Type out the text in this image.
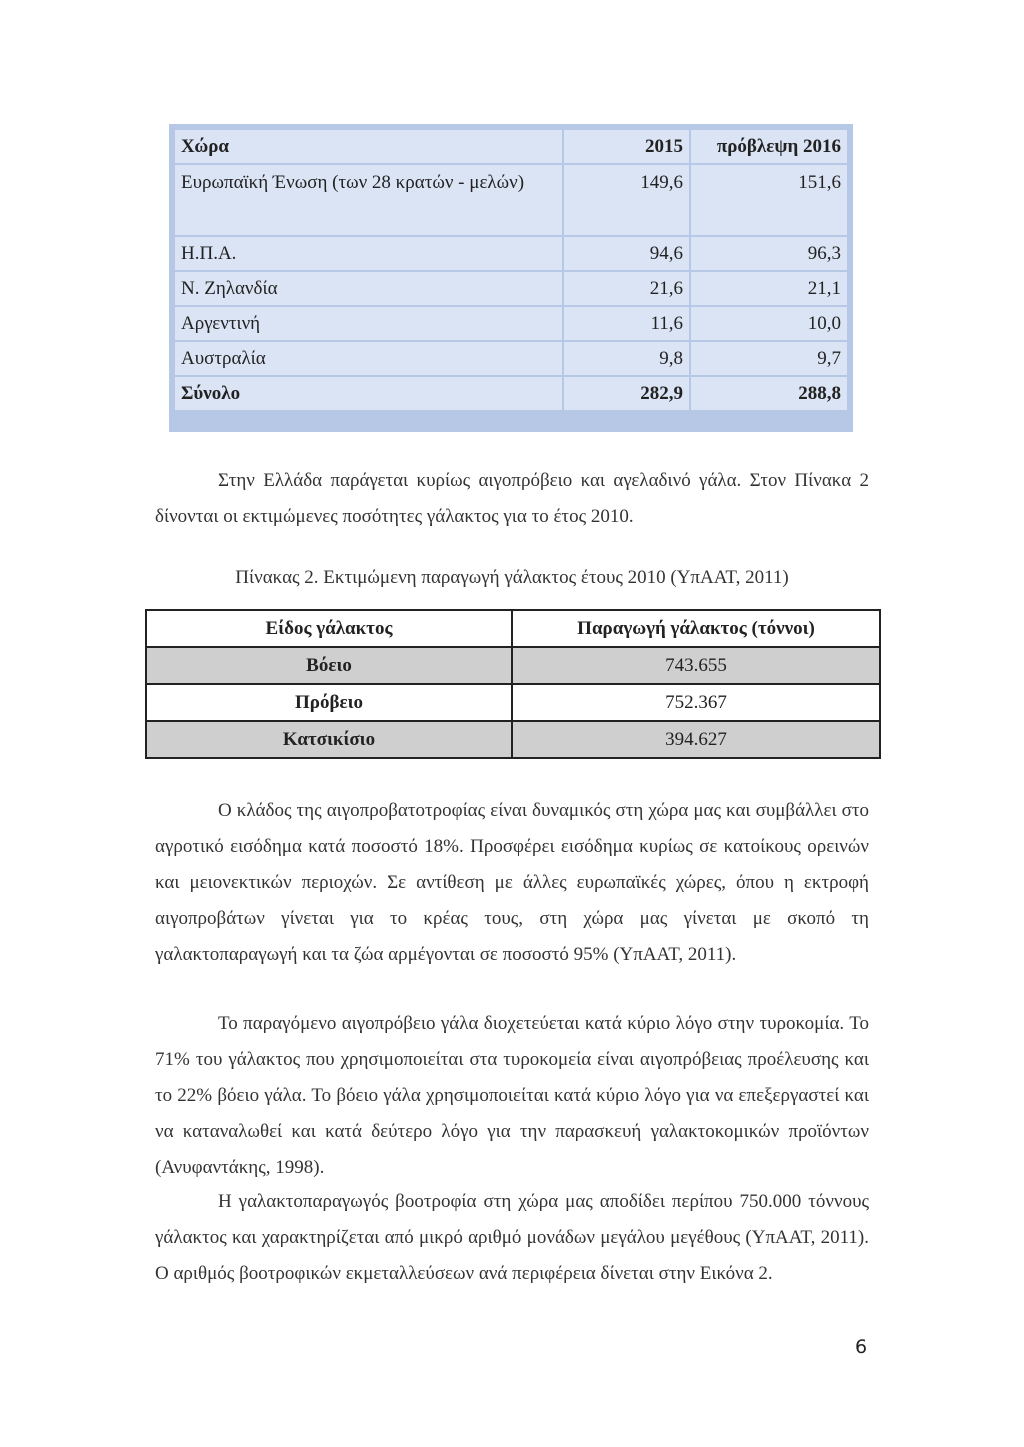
Χώρα	2015	πρόβλεψη 2016
Ευρωπαϊκή Ένωση (των 28 κρατών - μελών)	149,6	151,6
Η.Π.Α.	94,6	96,3
Ν. Ζηλανδία	21,6	21,1
Αργεντινή	11,6	10,0
Αυστραλία	9,8	9,7
Σύνολο	282,9	288,8

Στην Ελλάδα παράγεται κυρίως αιγοπρόβειο και αγελαδινό γάλα. Στον Πίνακα 2 δίνονται οι εκτιμώμενες ποσότητες γάλακτος για το έτος 2010.

Πίνακας 2. Εκτιμώμενη παραγωγή γάλακτος έτους 2010 (ΥπΑΑΤ, 2011)

Είδος γάλακτος	Παραγωγή γάλακτος (τόννοι)
Βόειο	743.655
Πρόβειο	752.367
Κατσικίσιο	394.627

Ο κλάδος της αιγοπροβατοτροφίας είναι δυναμικός στη χώρα μας και συμβάλλει στο αγροτικό εισόδημα κατά ποσοστό 18%. Προσφέρει εισόδημα κυρίως σε κατοίκους ορεινών και μειονεκτικών περιοχών. Σε αντίθεση με άλλες ευρωπαϊκές χώρες, όπου η εκτροφή αιγοπροβάτων γίνεται για το κρέας τους, στη χώρα μας γίνεται με σκοπό τη γαλακτοπαραγωγή και τα ζώα αρμέγονται σε ποσοστό 95% (ΥπΑΑΤ, 2011).

Το παραγόμενο αιγοπρόβειο γάλα διοχετεύεται κατά κύριο λόγο στην τυροκομία. Το 71% του γάλακτος που χρησιμοποιείται στα τυροκομεία είναι αιγοπρόβειας προέλευσης και το 22% βόειο γάλα. Το βόειο γάλα χρησιμοποιείται κατά κύριο λόγο για να επεξεργαστεί και να καταναλωθεί και κατά δεύτερο λόγο για την παρασκευή γαλακτοκομικών προϊόντων (Ανυφαντάκης, 1998).

Η γαλακτοπαραγωγός βοοτροφία στη χώρα μας αποδίδει περίπου 750.000 τόννους γάλακτος και χαρακτηρίζεται από μικρό αριθμό μονάδων μεγάλου μεγέθους (ΥπΑΑΤ, 2011). Ο αριθμός βοοτροφικών εκμεταλλεύσεων ανά περιφέρεια δίνεται στην Εικόνα 2.

6
